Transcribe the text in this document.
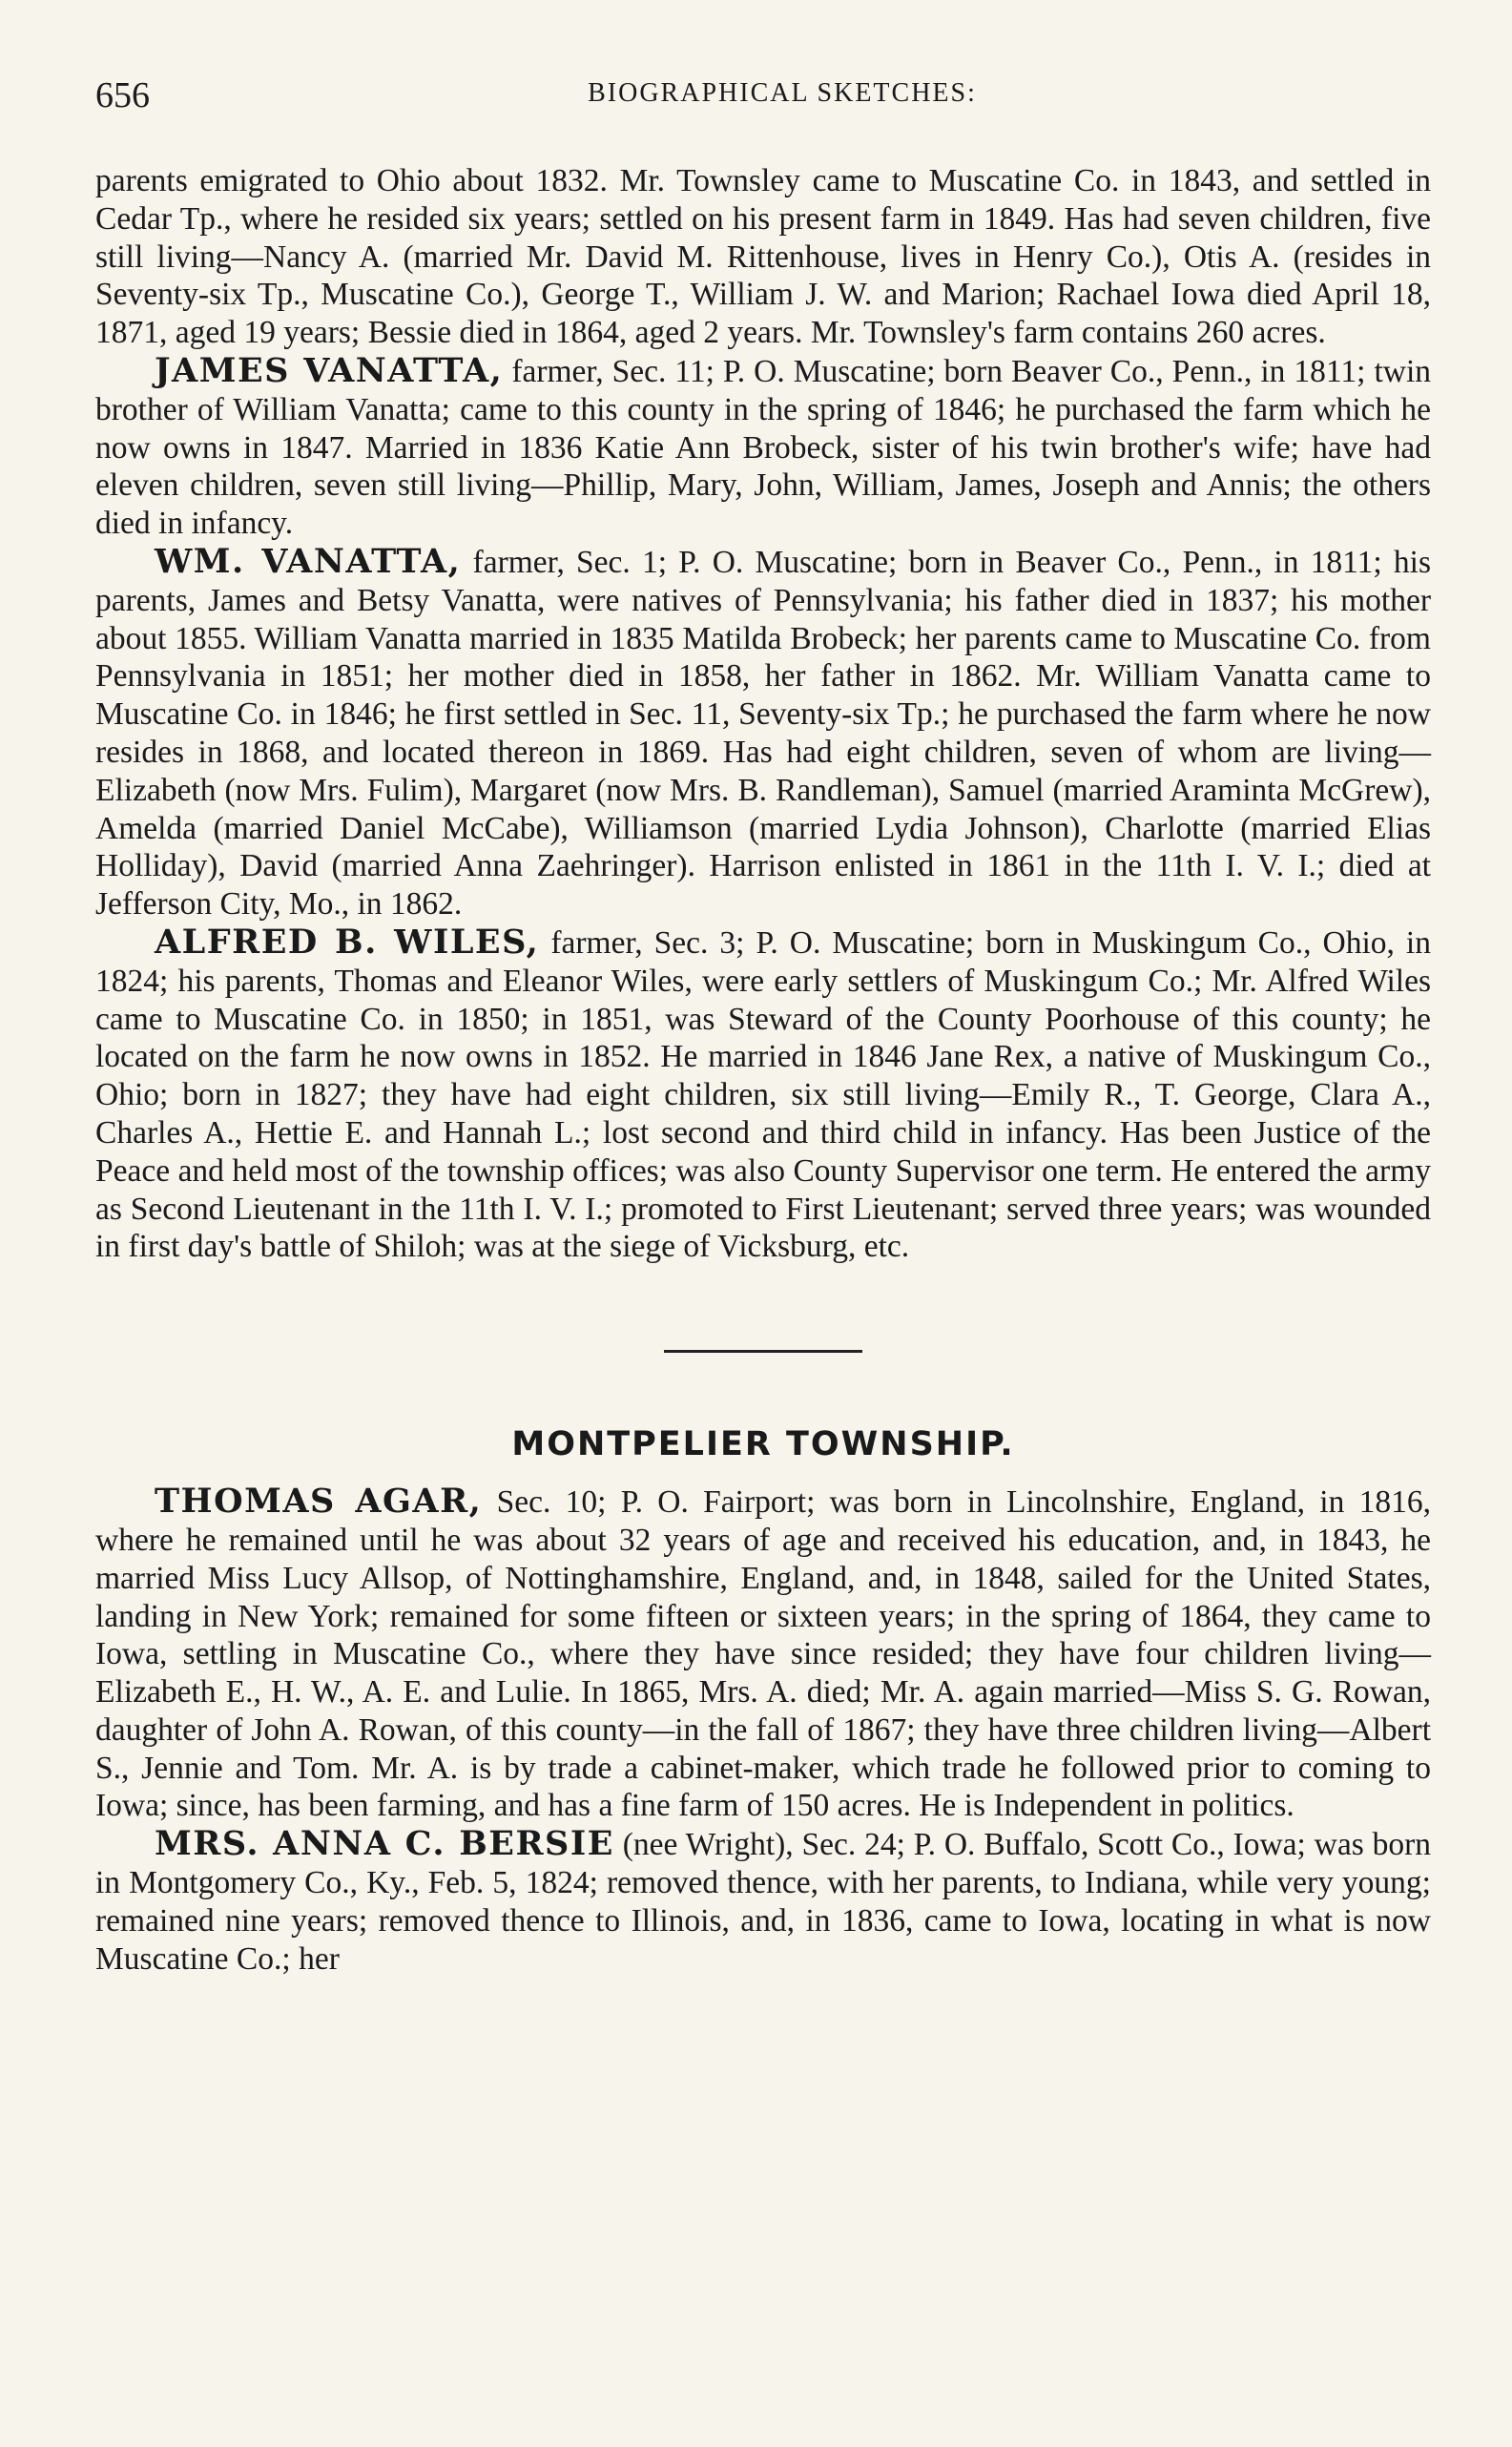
656	BIOGRAPHICAL SKETCHES:

parents emigrated to Ohio about 1832. Mr. Townsley came to Muscatine Co. in 1843, and settled in Cedar Tp., where he resided six years; settled on his present farm in 1849. Has had seven children, five still living—Nancy A. (married Mr. David M. Rittenhouse, lives in Henry Co.), Otis A. (resides in Seventy-six Tp., Muscatine Co.), George T., William J. W. and Marion; Rachael Iowa died April 18, 1871, aged 19 years; Bessie died in 1864, aged 2 years. Mr. Townsley's farm contains 260 acres.

JAMES VANATTA, farmer, Sec. 11; P. O. Muscatine; born Beaver Co., Penn., in 1811; twin brother of William Vanatta; came to this county in the spring of 1846; he purchased the farm which he now owns in 1847. Married in 1836 Katie Ann Brobeck, sister of his twin brother's wife; have had eleven children, seven still living—Phillip, Mary, John, William, James, Joseph and Annis; the others died in infancy.

WM. VANATTA, farmer, Sec. 1; P. O. Muscatine; born in Beaver Co., Penn., in 1811; his parents, James and Betsy Vanatta, were natives of Pennsylvania; his father died in 1837; his mother about 1855. William Vanatta married in 1835 Matilda Brobeck; her parents came to Muscatine Co. from Pennsylvania in 1851; her mother died in 1858, her father in 1862. Mr. William Vanatta came to Muscatine Co. in 1846; he first settled in Sec. 11, Seventy-six Tp.; he purchased the farm where he now resides in 1868, and located thereon in 1869. Has had eight children, seven of whom are living—Elizabeth (now Mrs. Fulim), Margaret (now Mrs. B. Randleman), Samuel (married Araminta McGrew), Amelda (married Daniel McCabe), Williamson (married Lydia Johnson), Charlotte (married Elias Holliday), David (married Anna Zaehringer). Harrison enlisted in 1861 in the 11th I. V. I.; died at Jefferson City, Mo., in 1862.

ALFRED B. WILES, farmer, Sec. 3; P. O. Muscatine; born in Muskingum Co., Ohio, in 1824; his parents, Thomas and Eleanor Wiles, were early settlers of Muskingum Co.; Mr. Alfred Wiles came to Muscatine Co. in 1850; in 1851, was Steward of the County Poorhouse of this county; he located on the farm he now owns in 1852. He married in 1846 Jane Rex, a native of Muskingum Co., Ohio; born in 1827; they have had eight children, six still living—Emily R., T. George, Clara A., Charles A., Hettie E. and Hannah L.; lost second and third child in infancy. Has been Justice of the Peace and held most of the township offices; was also County Supervisor one term. He entered the army as Second Lieutenant in the 11th I. V. I.; promoted to First Lieutenant; served three years; was wounded in first day's battle of Shiloh; was at the siege of Vicksburg, etc.

MONTPELIER TOWNSHIP.

THOMAS AGAR, Sec. 10; P. O. Fairport; was born in Lincolnshire, England, in 1816, where he remained until he was about 32 years of age and received his education, and, in 1843, he married Miss Lucy Allsop, of Nottinghamshire, England, and, in 1848, sailed for the United States, landing in New York; remained for some fifteen or sixteen years; in the spring of 1864, they came to Iowa, settling in Muscatine Co., where they have since resided; they have four children living—Elizabeth E., H. W., A. E. and Lulie. In 1865, Mrs. A. died; Mr. A. again married—Miss S. G. Rowan, daughter of John A. Rowan, of this county—in the fall of 1867; they have three children living—Albert S., Jennie and Tom. Mr. A. is by trade a cabinet-maker, which trade he followed prior to coming to Iowa; since, has been farming, and has a fine farm of 150 acres. He is Independent in politics.

MRS. ANNA C. BERSIE (nee Wright), Sec. 24; P. O. Buffalo, Scott Co., Iowa; was born in Montgomery Co., Ky., Feb. 5, 1824; removed thence, with her parents, to Indiana, while very young; remained nine years; removed thence to Illinois, and, in 1836, came to Iowa, locating in what is now Muscatine Co.; her
